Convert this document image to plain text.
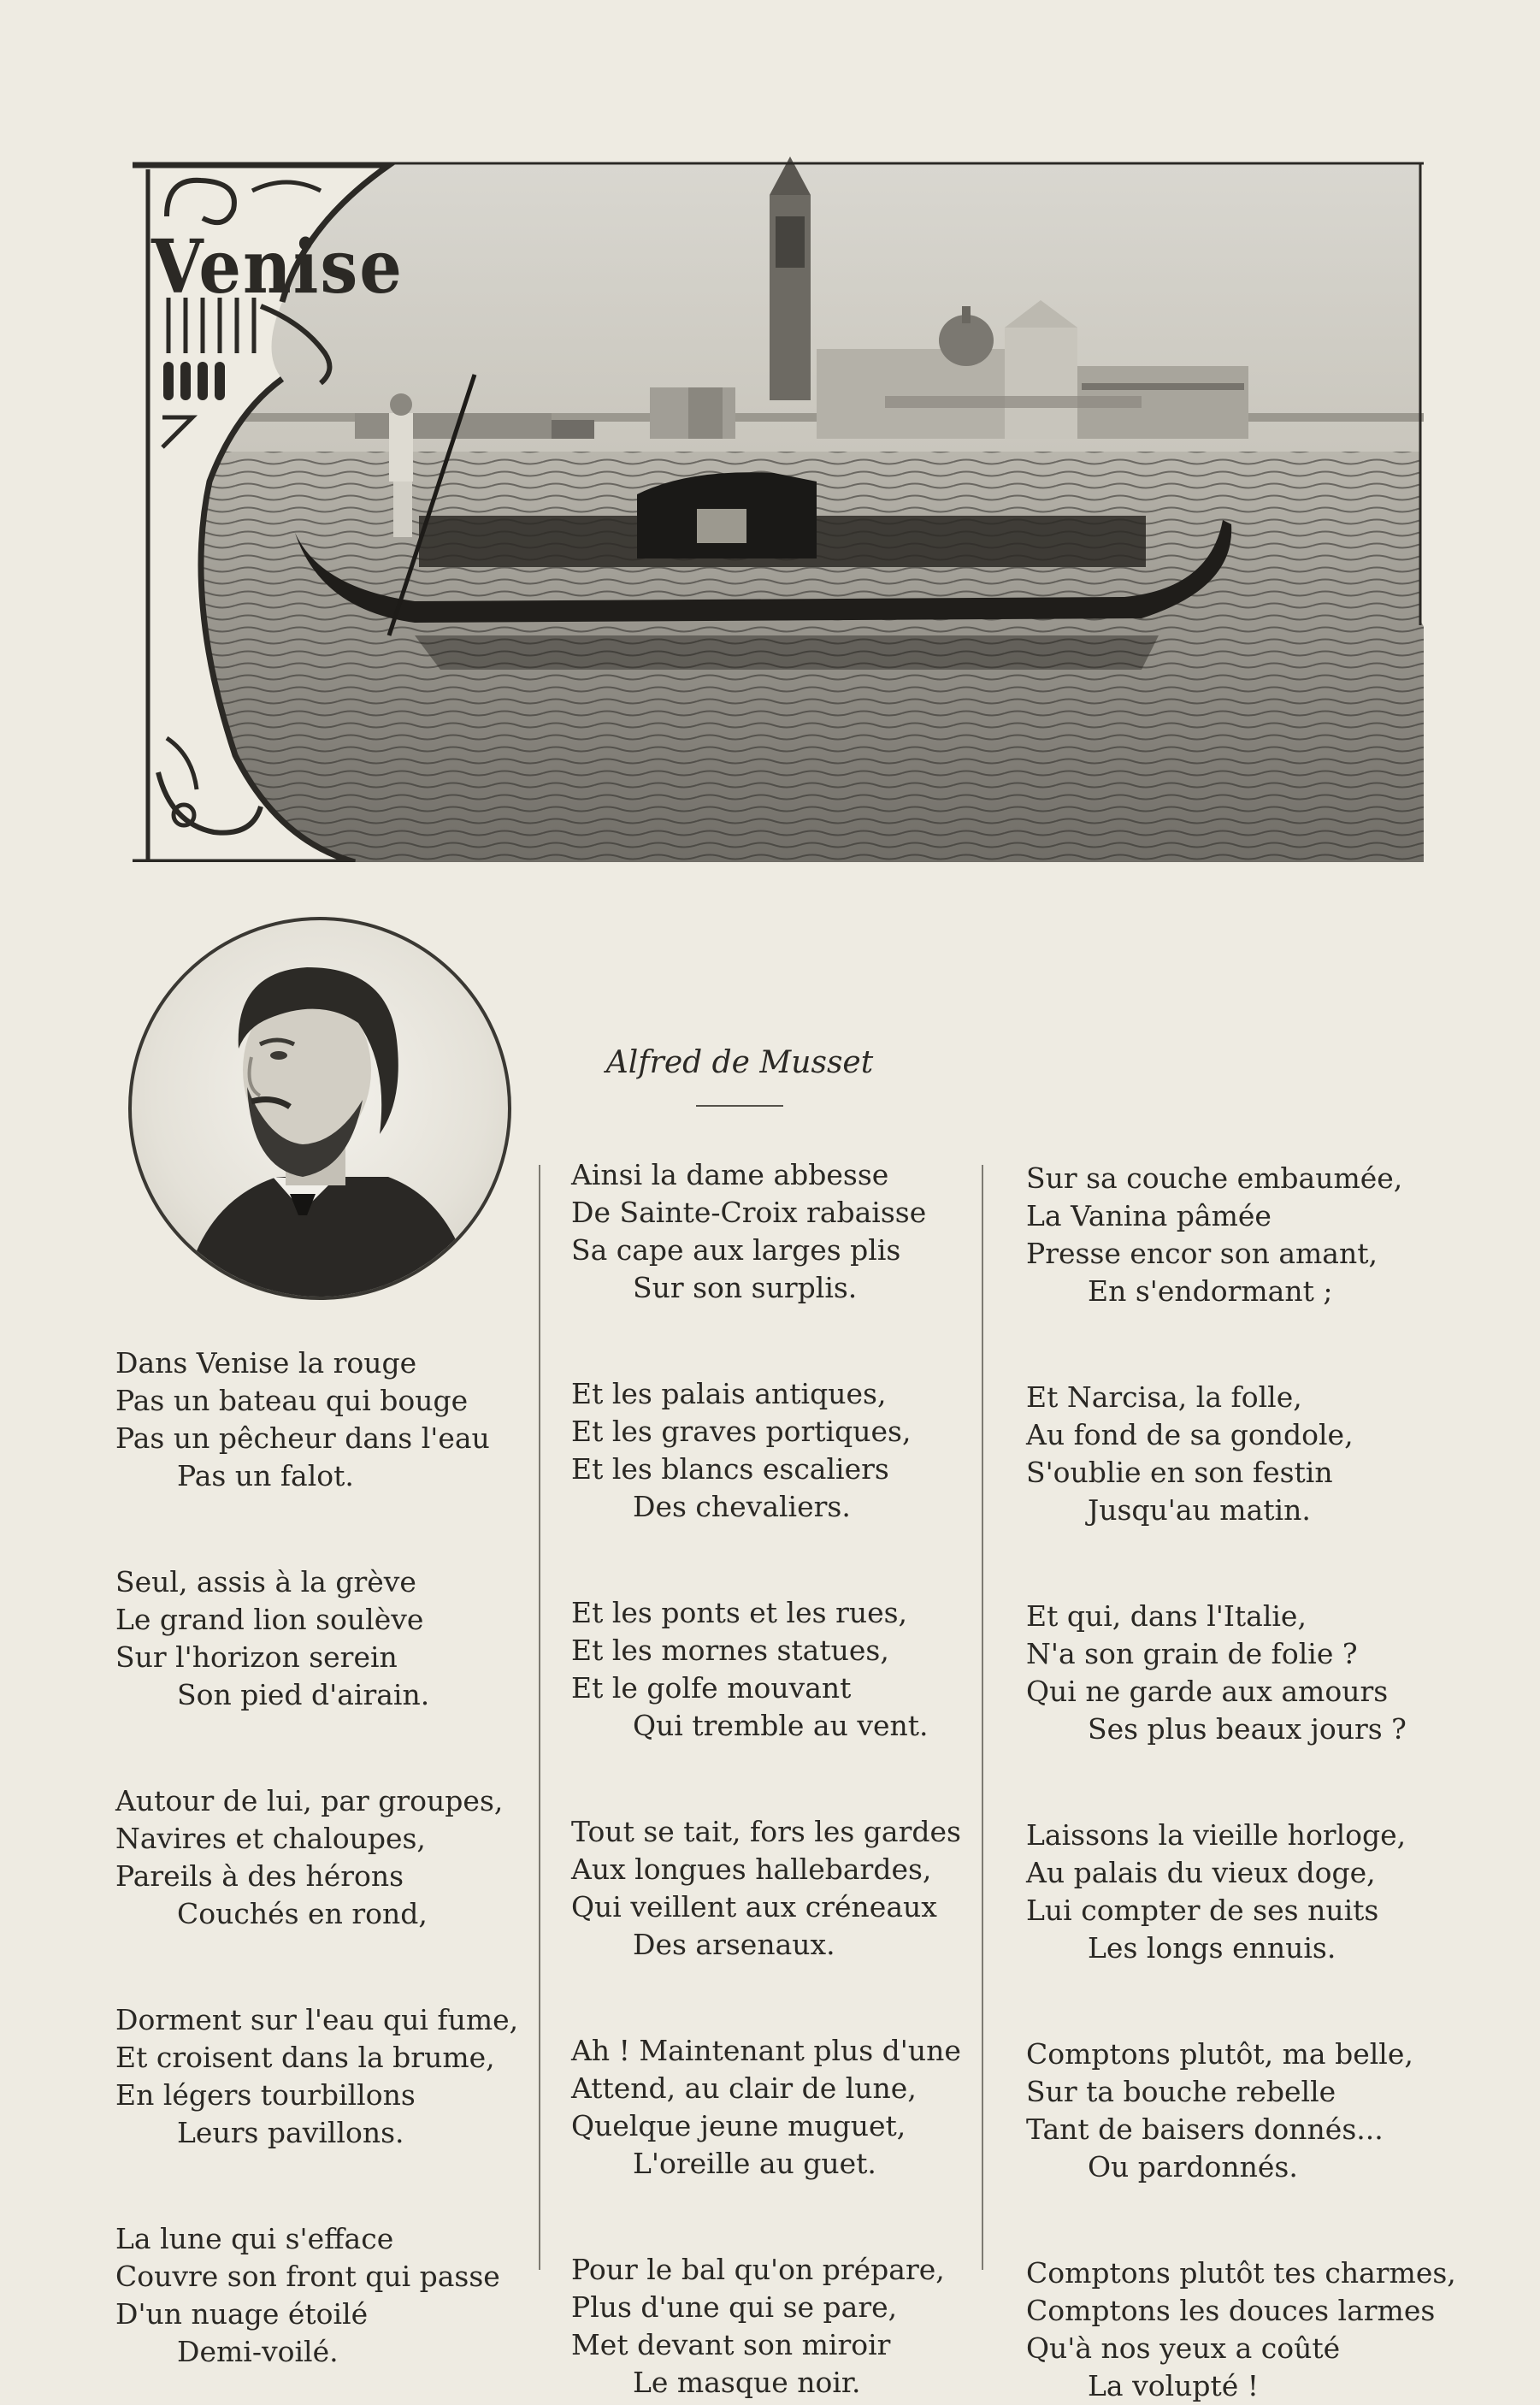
Venise
Alfred de Musset
Dans Venise la rouge
Pas un bateau qui bouge
Pas un pêcheur dans l'eau
Pas un falot.
Seul, assis à la grève
Le grand lion soulève
Sur l'horizon serein
Son pied d'airain.
Autour de lui, par groupes,
Navires et chaloupes,
Pareils à des hérons
Couchés en rond,
Dorment sur l'eau qui fume,
Et croisent dans la brume,
En légers tourbillons
Leurs pavillons.
La lune qui s'efface
Couvre son front qui passe
D'un nuage étoilé
Demi-voilé.
Ainsi la dame abbesse
De Sainte-Croix rabaisse
Sa cape aux larges plis
Sur son surplis.
Et les palais antiques,
Et les graves portiques,
Et les blancs escaliers
Des chevaliers.
Et les ponts et les rues,
Et les mornes statues,
Et le golfe mouvant
Qui tremble au vent.
Tout se tait, fors les gardes
Aux longues hallebardes,
Qui veillent aux créneaux
Des arsenaux.
Ah ! Maintenant plus d'une
Attend, au clair de lune,
Quelque jeune muguet,
L'oreille au guet.
Pour le bal qu'on prépare,
Plus d'une qui se pare,
Met devant son miroir
Le masque noir.
Sur sa couche embaumée,
La Vanina pâmée
Presse encor son amant,
En s'endormant ;
Et Narcisa, la folle,
Au fond de sa gondole,
S'oublie en son festin
Jusqu'au matin.
Et qui, dans l'Italie,
N'a son grain de folie ?
Qui ne garde aux amours
Ses plus beaux jours ?
Laissons la vieille horloge,
Au palais du vieux doge,
Lui compter de ses nuits
Les longs ennuis.
Comptons plutôt, ma belle,
Sur ta bouche rebelle
Tant de baisers donnés...
Ou pardonnés.
Comptons plutôt tes charmes,
Comptons les douces larmes
Qu'à nos yeux a coûté
La volupté !
